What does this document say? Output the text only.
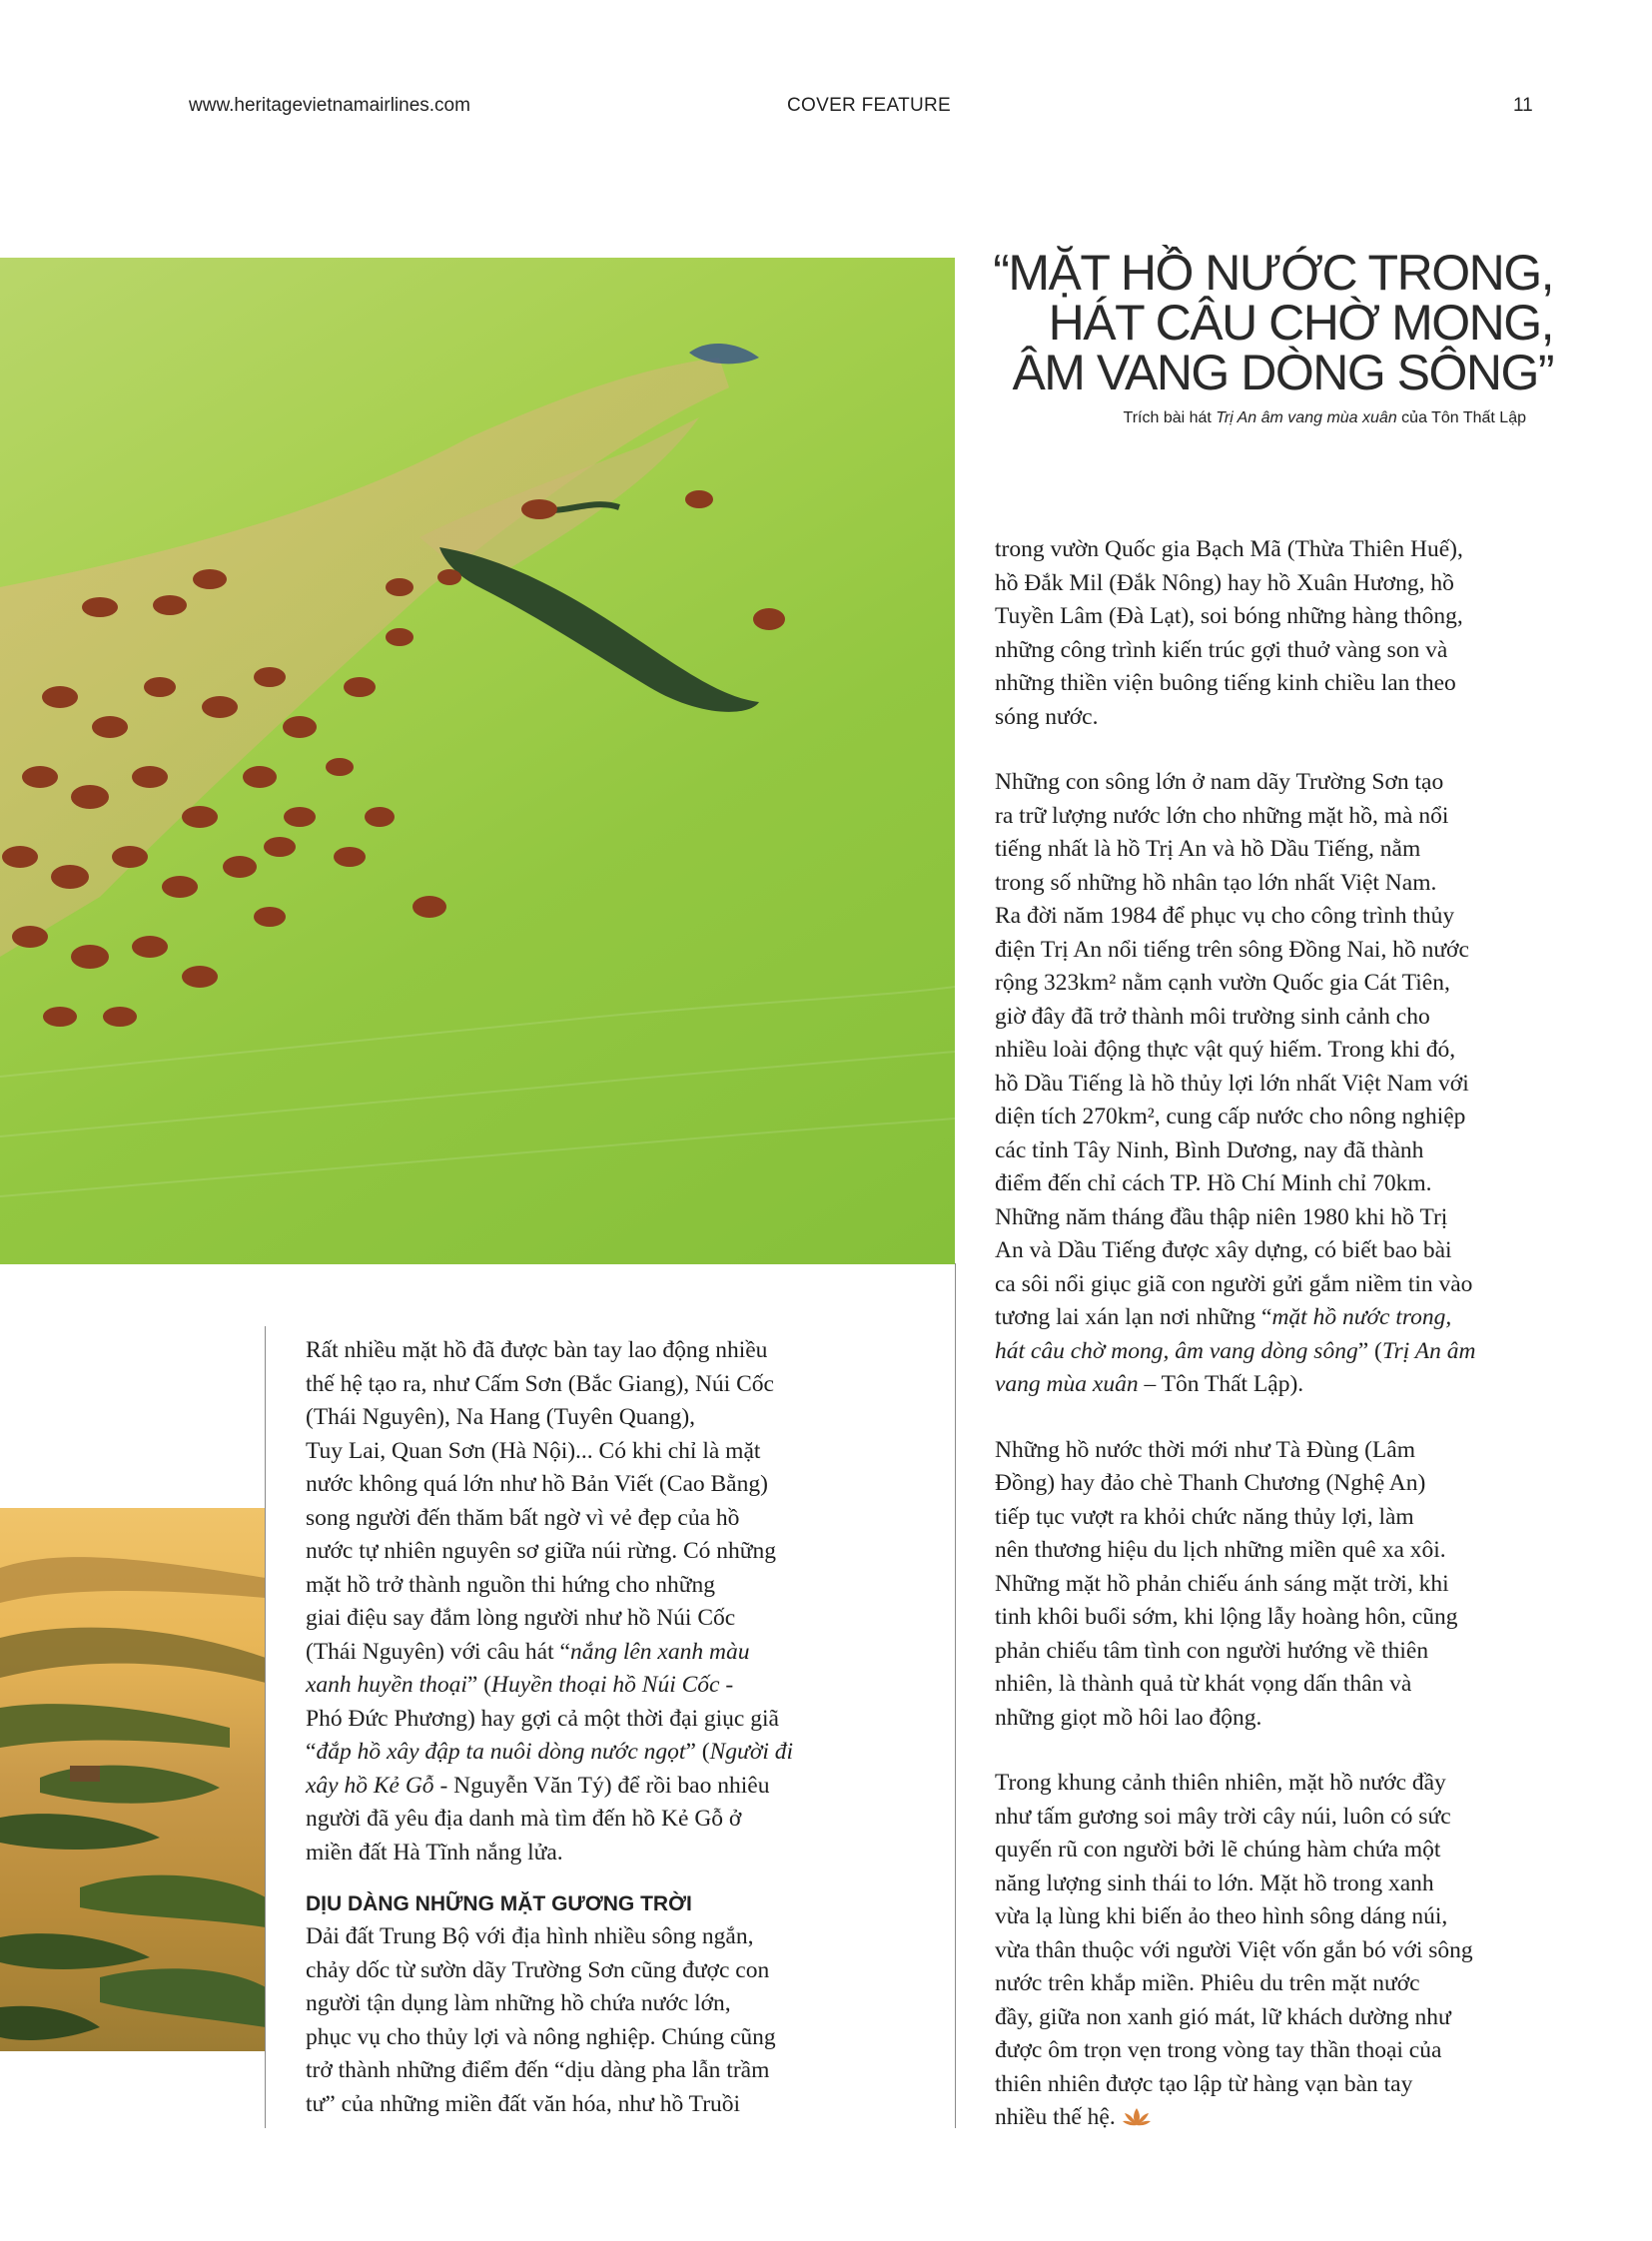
www.heritagevietnamairlines.com	COVER FEATURE	11
“MẶT HỒ NƯỚC TRONG,
HÁT CÂU CHỜ MONG,
ÂM VANG DÒNG SÔNG”
Trích bài hát Trị An âm vang mùa xuân của Tôn Thất Lập

Rất nhiều mặt hồ đã được bàn tay lao động nhiều
thế hệ tạo ra, như Cấm Sơn (Bắc Giang), Núi Cốc
(Thái Nguyên), Na Hang (Tuyên Quang),
Tuy Lai, Quan Sơn (Hà Nội)... Có khi chỉ là mặt
nước không quá lớn như hồ Bản Viết (Cao Bằng)
song người đến thăm bất ngờ vì vẻ đẹp của hồ
nước tự nhiên nguyên sơ giữa núi rừng. Có những
mặt hồ trở thành nguồn thi hứng cho những
giai điệu say đắm lòng người như hồ Núi Cốc
(Thái Nguyên) với câu hát “nắng lên xanh màu
xanh huyền thoại” (Huyền thoại hồ Núi Cốc -
Phó Đức Phương) hay gợi cả một thời đại giục giã
“đắp hồ xây đập ta nuôi dòng nước ngọt” (Người đi
xây hồ Kẻ Gỗ - Nguyễn Văn Tý) để rồi bao nhiêu
người đã yêu địa danh mà tìm đến hồ Kẻ Gỗ ở
miền đất Hà Tĩnh nắng lửa.

DỊU DÀNG NHỮNG MẶT GƯƠNG TRỜI

Dải đất Trung Bộ với địa hình nhiều sông ngắn,
chảy dốc từ sườn dãy Trường Sơn cũng được con
người tận dụng làm những hồ chứa nước lớn,
phục vụ cho thủy lợi và nông nghiệp. Chúng cũng
trở thành những điểm đến “dịu dàng pha lẫn trầm
tư” của những miền đất văn hóa, như hồ Truồi

trong vườn Quốc gia Bạch Mã (Thừa Thiên Huế),
hồ Đắk Mil (Đắk Nông) hay hồ Xuân Hương, hồ
Tuyền Lâm (Đà Lạt), soi bóng những hàng thông,
những công trình kiến trúc gợi thuở vàng son và
những thiền viện buông tiếng kinh chiều lan theo
sóng nước.

Những con sông lớn ở nam dãy Trường Sơn tạo
ra trữ lượng nước lớn cho những mặt hồ, mà nổi
tiếng nhất là hồ Trị An và hồ Dầu Tiếng, nằm
trong số những hồ nhân tạo lớn nhất Việt Nam.
Ra đời năm 1984 để phục vụ cho công trình thủy
điện Trị An nổi tiếng trên sông Đồng Nai, hồ nước
rộng 323km² nằm cạnh vườn Quốc gia Cát Tiên,
giờ đây đã trở thành môi trường sinh cảnh cho
nhiều loài động thực vật quý hiếm. Trong khi đó,
hồ Dầu Tiếng là hồ thủy lợi lớn nhất Việt Nam với
diện tích 270km², cung cấp nước cho nông nghiệp
các tỉnh Tây Ninh, Bình Dương, nay đã thành
điểm đến chỉ cách TP. Hồ Chí Minh chỉ 70km.
Những năm tháng đầu thập niên 1980 khi hồ Trị
An và Dầu Tiếng được xây dựng, có biết bao bài
ca sôi nổi giục giã con người gửi gắm niềm tin vào
tương lai xán lạn nơi những “mặt hồ nước trong,
hát câu chờ mong, âm vang dòng sông” (Trị An âm
vang mùa xuân – Tôn Thất Lập).

Những hồ nước thời mới như Tà Đùng (Lâm
Đồng) hay đảo chè Thanh Chương (Nghệ An)
tiếp tục vượt ra khỏi chức năng thủy lợi, làm
nên thương hiệu du lịch những miền quê xa xôi.
Những mặt hồ phản chiếu ánh sáng mặt trời, khi
tinh khôi buổi sớm, khi lộng lẫy hoàng hôn, cũng
phản chiếu tâm tình con người hướng về thiên
nhiên, là thành quả từ khát vọng dấn thân và
những giọt mồ hôi lao động.

Trong khung cảnh thiên nhiên, mặt hồ nước đầy
như tấm gương soi mây trời cây núi, luôn có sức
quyến rũ con người bởi lẽ chúng hàm chứa một
năng lượng sinh thái to lớn. Mặt hồ trong xanh
vừa lạ lùng khi biến ảo theo hình sông dáng núi,
vừa thân thuộc với người Việt vốn gắn bó với sông
nước trên khắp miền. Phiêu du trên mặt nước
đầy, giữa non xanh gió mát, lữ khách dường như
được ôm trọn vẹn trong vòng tay thần thoại của
thiên nhiên được tạo lập từ hàng vạn bàn tay
nhiều thế hệ.
